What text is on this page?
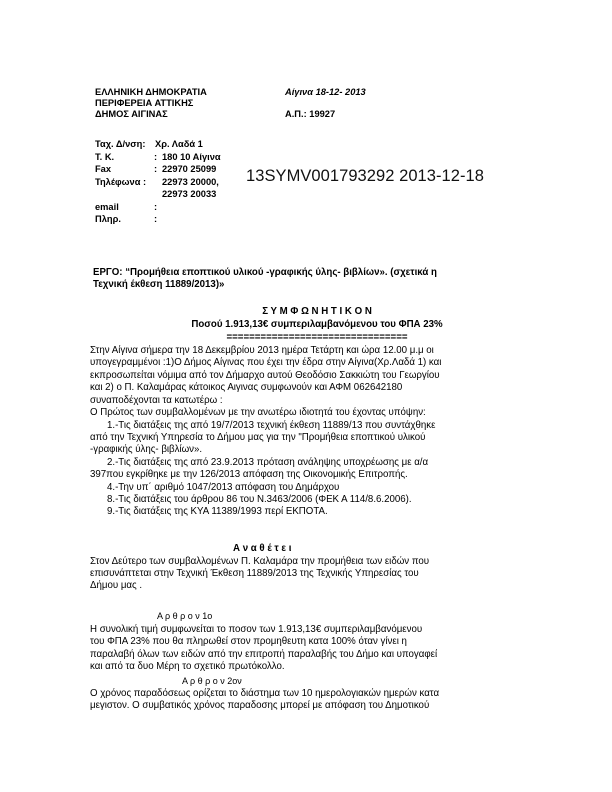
ΕΛΛΗΝΙΚΗ ΔΗΜΟΚΡΑΤΙΑ
ΠΕΡΙΦΕΡΕΙΑ ΑΤΤΙΚΗΣ
ΔΗΜΟΣ ΑΙΓΙΝΑΣ
Αίγινα 18-12- 2013
Α.Π.: 19927
Ταχ. Δ/νση: Χρ. Λαδά 1
Τ. Κ.	: 180 10 Αίγινα
Fax	: 22970 25099
Τηλέφωνα : 22973 20000,
22973 20033
email	:
Πληρ.	:
13SYMV001793292 2013-12-18
ΕΡΓΟ: “Προμήθεια εποπτικού υλικού -γραφικής ύλης- βιβλίων». (σχετικά η
Τεχνική έκθεση 11889/2013)»
Σ Υ Μ Φ Ω Ν Η Τ Ι Κ Ο Ν
Ποσού 1.913,13€ συμπεριλαμβανόμενου του ΦΠΑ 23%
================================
Στην Αίγινα σήμερα την 18 Δεκεμβρίου 2013 ημέρα Τετάρτη και ώρα 12.00 μ.μ οι
υπογεγραμμένοι :1)Ο Δήμος Αίγινας που έχει την έδρα στην Αίγινα(Χρ.Λαδά 1) και
εκπροσωπείται νόμιμα από τον Δήμαρχο αυτού Θεοδόσιο Σακκιώτη του Γεωργίου
και 2) ο Π. Καλαμάρας κάτοικος Αιγινας συμφωνούν και ΑΦΜ 062642180
συναποδέχονται τα κατωτέρω :
Ο Πρώτος των συμβαλλομένων με την ανωτέρω ιδιοτητά του έχοντας υπόψην:
1.-Τις διατάξεις της από 19/7/2013 τεχνική έκθεση 11889/13 που συντάχθηκε
από την Τεχνική Υπηρεσία το Δήμου μας για την "Προμήθεια εποπτικού υλικού
-γραφικής ύλης- βιβλίων».
2.-Τις διατάξεις της από 23.9.2013 πρόταση ανάληψης υποχρέωσης με α/α
397που εγκρίθηκε με την 126/2013 απόφαση της Οικονομικής Επιτροπής.
4.-Την υπ΄ αριθμό 1047/2013 απόφαση του Δημάρχου
8.-Τις διατάξεις του άρθρου 86 του Ν.3463/2006 (ΦΕΚ Α 114/8.6.2006).
9.-Τις διατάξεις της ΚΥΑ 11389/1993 περί ΕΚΠΟΤΑ.
Α ν α θ έ τ ε ι
Στον Δεύτερο των συμβαλλομένων Π. Καλαμάρα την προμήθεια των ειδών που
επισυνάπτεται στην Τεχνική Έκθεση 11889/2013 της Τεχνικής Υπηρεσίας του
Δήμου μας .
Α ρ θ ρ ο ν 1ο
Η συνολική τιμή συμφωνείται το ποσον των 1.913,13€ συμπεριλαμβανόμενου
του ΦΠΑ 23% που θα πληρωθεί στον προμηθευτη κατα 100% όταν γίνει η
παραλαβή όλων των ειδών από την επιτροπή παραλαβής του Δήμο και υπογαφεί
και από τα δυο Μέρη το σχετικό πρωτόκολλο.
Α ρ θ ρ ο ν 2ον
Ο χρόνος παραδόσεως ορίζεται το διάστημα των 10 ημερολογιακών ημερών κατα
μεγιστον. Ο συμβατικός χρόνος παραδοσης μπορεί με απόφαση του Δημοτικού
